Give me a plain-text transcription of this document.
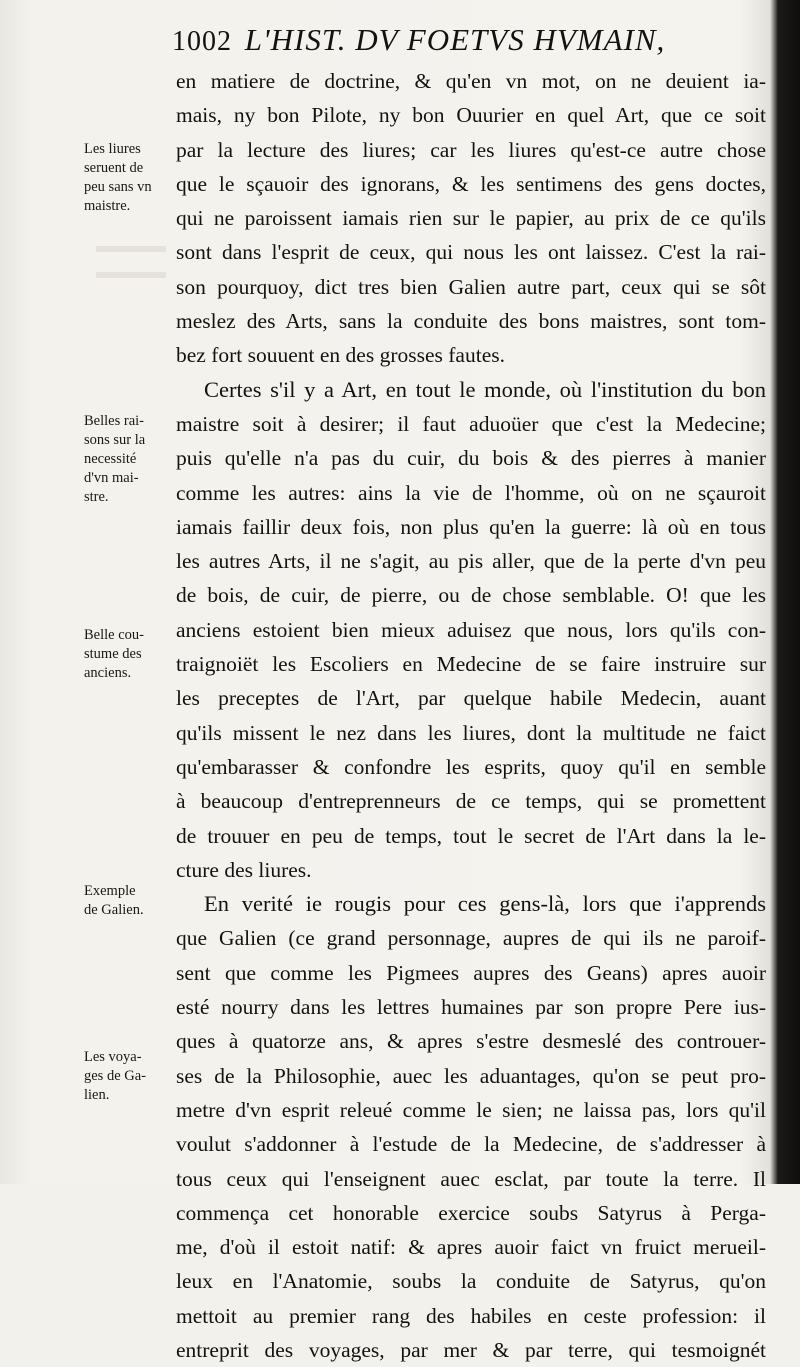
1002 L'HIST. DV FOETVS HVMAIN,
en matiere de doctrine, & qu'en vn mot, on ne deuient ia-
mais, ny bon Pilote, ny bon Ouurier en quel Art, que ce soit
par la lecture des liures; car les liures qu'est-ce autre chose
que le sçauoir des ignorans, & les sentimens des gens doctes,
qui ne paroissent iamais rien sur le papier, au prix de ce qu'ils
sont dans l'esprit de ceux, qui nous les ont laissez. C'est la rai-
son pourquoy, dict tres bien Galien autre part, ceux qui se sôt
meslez des Arts, sans la conduite des bons maistres, sont tom-
bez fort souuent en des grosses fautes.
Certes s'il y a Art, en tout le monde, où l'institution du bon
maistre soit à desirer; il faut aduoüer que c'est la Medecine;
puis qu'elle n'a pas du cuir, du bois & des pierres à manier
comme les autres: ains la vie de l'homme, où on ne sçauroit
iamais faillir deux fois, non plus qu'en la guerre: là où en tous
les autres Arts, il ne s'agit, au pis aller, que de la perte d'vn peu
de bois, de cuir, de pierre, ou de chose semblable. O! que les
anciens estoient bien mieux aduisez que nous, lors qu'ils con-
traignoiët les Escoliers en Medecine de se faire instruire sur
les preceptes de l'Art, par quelque habile Medecin, auant
qu'ils missent le nez dans les liures, dont la multitude ne faict
qu'embarasser & confondre les esprits, quoy qu'il en semble
à beaucoup d'entreprenneurs de ce temps, qui se promettent
de trouuer en peu de temps, tout le secret de l'Art dans la le-
cture des liures.
En verité ie rougis pour ces gens-là, lors que i'apprends
que Galien (ce grand personnage, aupres de qui ils ne paroif-
sent que comme les Pigmees aupres des Geans) apres auoir
esté nourry dans les lettres humaines par son propre Pere ius-
ques à quatorze ans, & apres s'estre desmeslé des controuer-
ses de la Philosophie, auec les aduantages, qu'on se peut pro-
metre d'vn esprit releué comme le sien; ne laissa pas, lors qu'il
voulut s'addonner à l'estude de la Medecine, de s'addresser à
tous ceux qui l'enseignent auec esclat, par toute la terre. Il
commença cet honorable exercice soubs Satyrus à Perga-
me, d'où il estoit natif: & apres auoir faict vn fruict merueil-
leux en l'Anatomie, soubs la conduite de Satyrus, qu'on
mettoit au premier rang des habiles en ceste profession: il
entreprit des voyages, par mer & par terre, qui tesmoignét
Les liures
seruent de
peu sans vn
maistre.
Belles rai-
sons sur la
necessité
d'vn mai-
stre.
Belle cou-
stume des
anciens.
Exemple
de Galien.
Les voya-
ges de Ga-
lien.
